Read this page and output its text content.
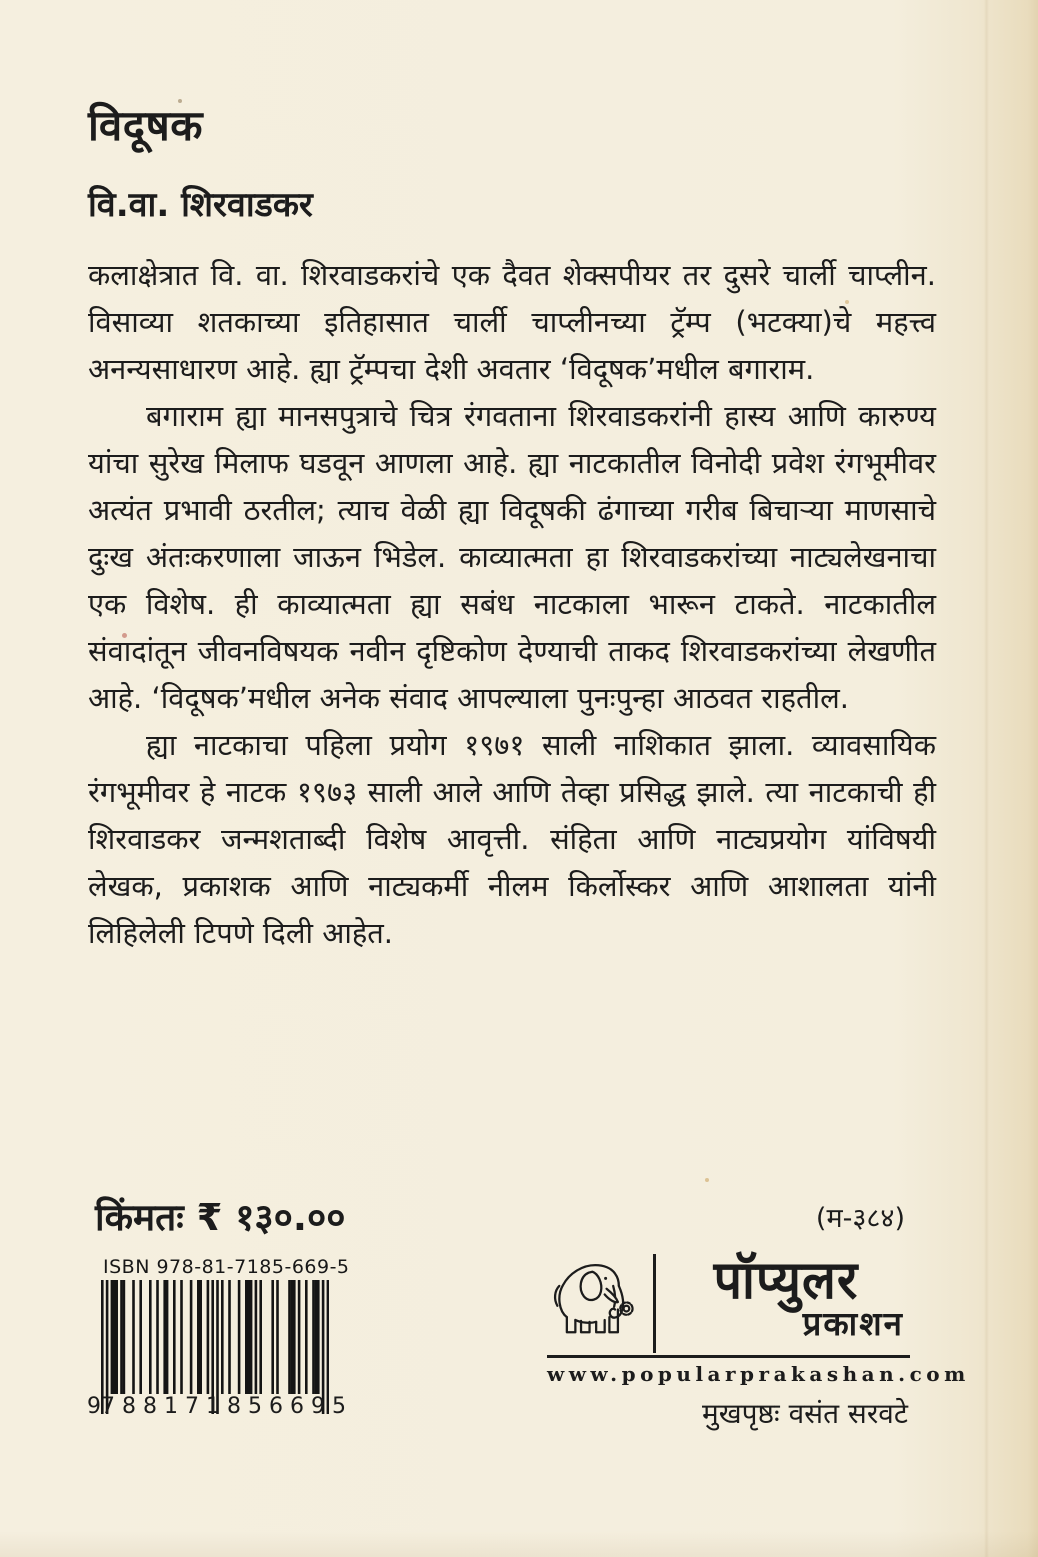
विदूषक
वि.वा. शिरवाडकर

कलाक्षेत्रात वि. वा. शिरवाडकरांचे एक दैवत शेक्सपीयर तर दुसरे चार्ली चाप्लीन. विसाव्या शतकाच्या इतिहासात चार्ली चाप्लीनच्या ट्रॅम्प (भटक्या)चे महत्त्व अनन्यसाधारण आहे. ह्या ट्रॅम्पचा देशी अवतार ‘विदूषक’मधील बगाराम.

बगाराम ह्या मानसपुत्राचे चित्र रंगवताना शिरवाडकरांनी हास्य आणि कारुण्य यांचा सुरेख मिलाफ घडवून आणला आहे. ह्या नाटकातील विनोदी प्रवेश रंगभूमीवर अत्यंत प्रभावी ठरतील; त्याच वेळी ह्या विदूषकी ढंगाच्या गरीब बिचाऱ्या माणसाचे दुःख अंतःकरणाला जाऊन भिडेल. काव्यात्मता हा शिरवाडकरांच्या नाट्यलेखनाचा एक विशेष. ही काव्यात्मता ह्या सबंध नाटकाला भारून टाकते. नाटकातील संवादांतून जीवनविषयक नवीन दृष्टिकोण देण्याची ताकद शिरवाडकरांच्या लेखणीत आहे. ‘विदूषक’मधील अनेक संवाद आपल्याला पुनःपुन्हा आठवत राहतील.

ह्या नाटकाचा पहिला प्रयोग १९७१ साली नाशिकात झाला. व्यावसायिक रंगभूमीवर हे नाटक १९७३ साली आले आणि तेव्हा प्रसिद्ध झाले. त्या नाटकाची ही शिरवाडकर जन्मशताब्दी विशेष आवृत्ती. संहिता आणि नाट्यप्रयोग यांविषयी लेखक, प्रकाशक आणि नाट्यकर्मी नीलम किर्लोस्कर आणि आशालता यांनी लिहिलेली टिपणे दिली आहेत.

किंमतः ₹ १३०.००	(म-३८४)
ISBN 978-81-7185-669-5
9 788171 856695
पॉप्युलर
प्रकाशन
www.popularprakashan.com
मुखपृष्ठः वसंत सरवटे
